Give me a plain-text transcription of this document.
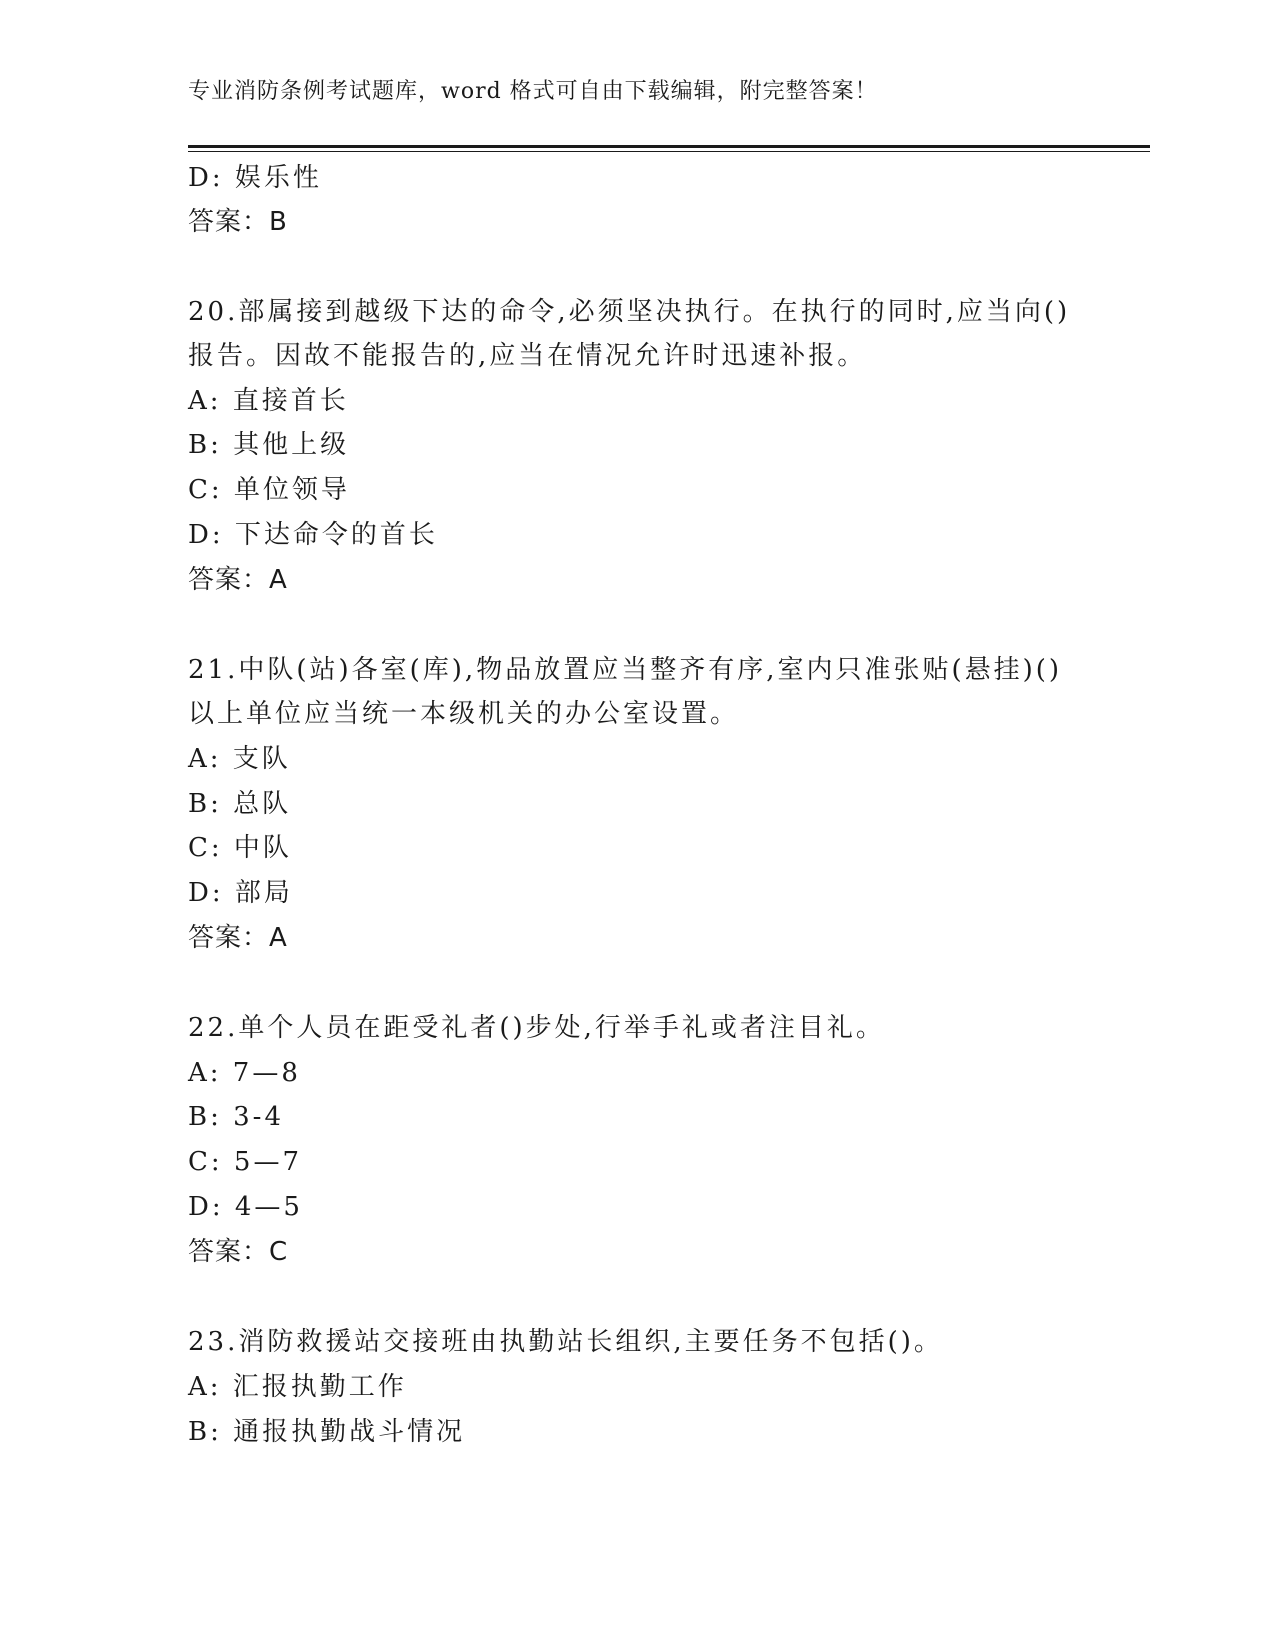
专业消防条例考试题库，word 格式可自由下载编辑，附完整答案！
D: 娱乐性
答案：B
20.部属接到越级下达的命令,必须坚决执行。在执行的同时,应当向()
报告。因故不能报告的,应当在情况允许时迅速补报。
A: 直接首长
B: 其他上级
C: 单位领导
D: 下达命令的首长
答案：A
21.中队(站)各室(库),物品放置应当整齐有序,室内只准张贴(悬挂)()
以上单位应当统一本级机关的办公室设置。
A: 支队
B: 总队
C: 中队
D: 部局
答案：A
22.单个人员在距受礼者()步处,行举手礼或者注目礼。
A: 7—8
B: 3-4
C: 5—7
D: 4—5
答案：C
23.消防救援站交接班由执勤站长组织,主要任务不包括()。
A: 汇报执勤工作
B: 通报执勤战斗情况
